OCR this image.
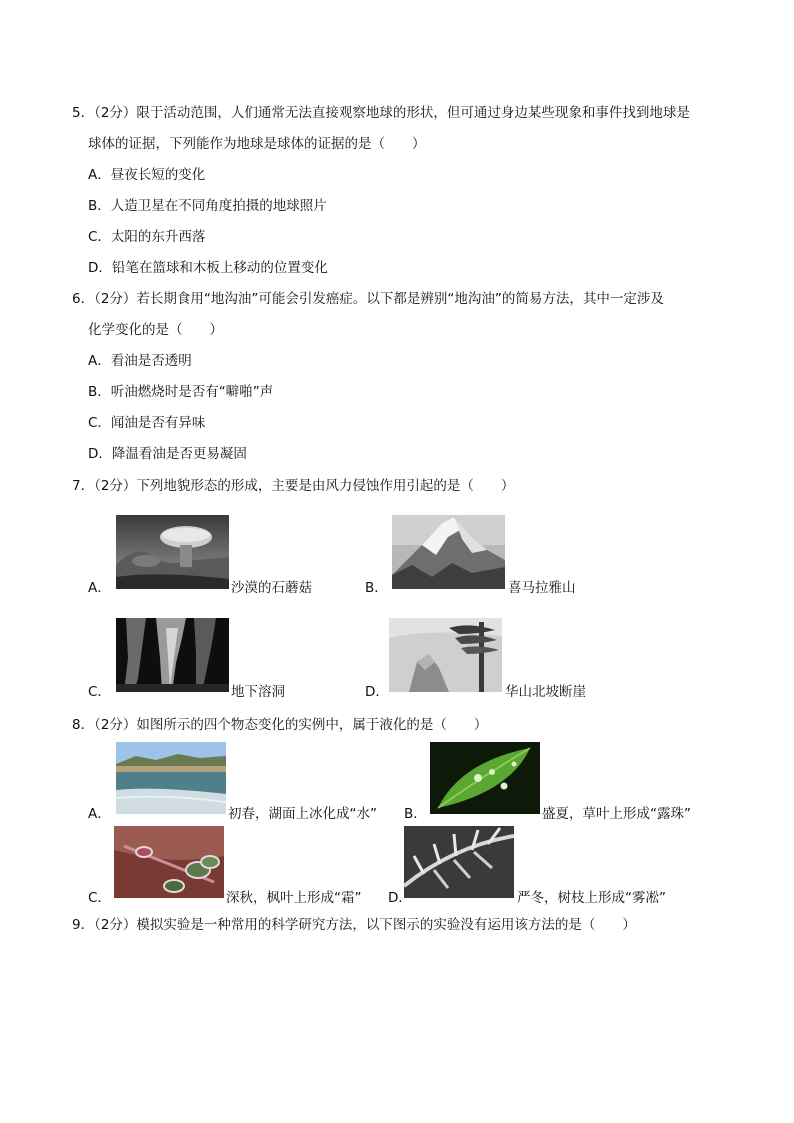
5．（2分）限于活动范围，人们通常无法直接观察地球的形状，但可通过身边某些现象和事件找到地球是
球体的证据，下列能作为地球是球体的证据的是（　　）
A．昼夜长短的变化
B．人造卫星在不同角度拍摄的地球照片
C．太阳的东升西落
D．铅笔在篮球和木板上移动的位置变化
6．（2分）若长期食用“地沟油”可能会引发癌症。以下都是辨别“地沟油”的简易方法，其中一定涉及
化学变化的是（　　）
A．看油是否透明
B．听油燃烧时是否有“噼啪”声
C．闻油是否有异味
D．降温看油是否更易凝固
7．（2分）下列地貌形态的形成，主要是由风力侵蚀作用引起的是（　　）
A．	沙漠的石蘑菇	B．	喜马拉雅山
C．	地下溶洞	D．	华山北坡断崖
8．（2分）如图所示的四个物态变化的实例中，属于液化的是（　　）
A．	初春，湖面上冰化成“水” B．	盛夏，草叶上形成“露珠”
C．	深秋，枫叶上形成“霜” D．	严冬，树枝上形成“雾凇”
9．（2分）模拟实验是一种常用的科学研究方法，以下图示的实验没有运用该方法的是（　　）
